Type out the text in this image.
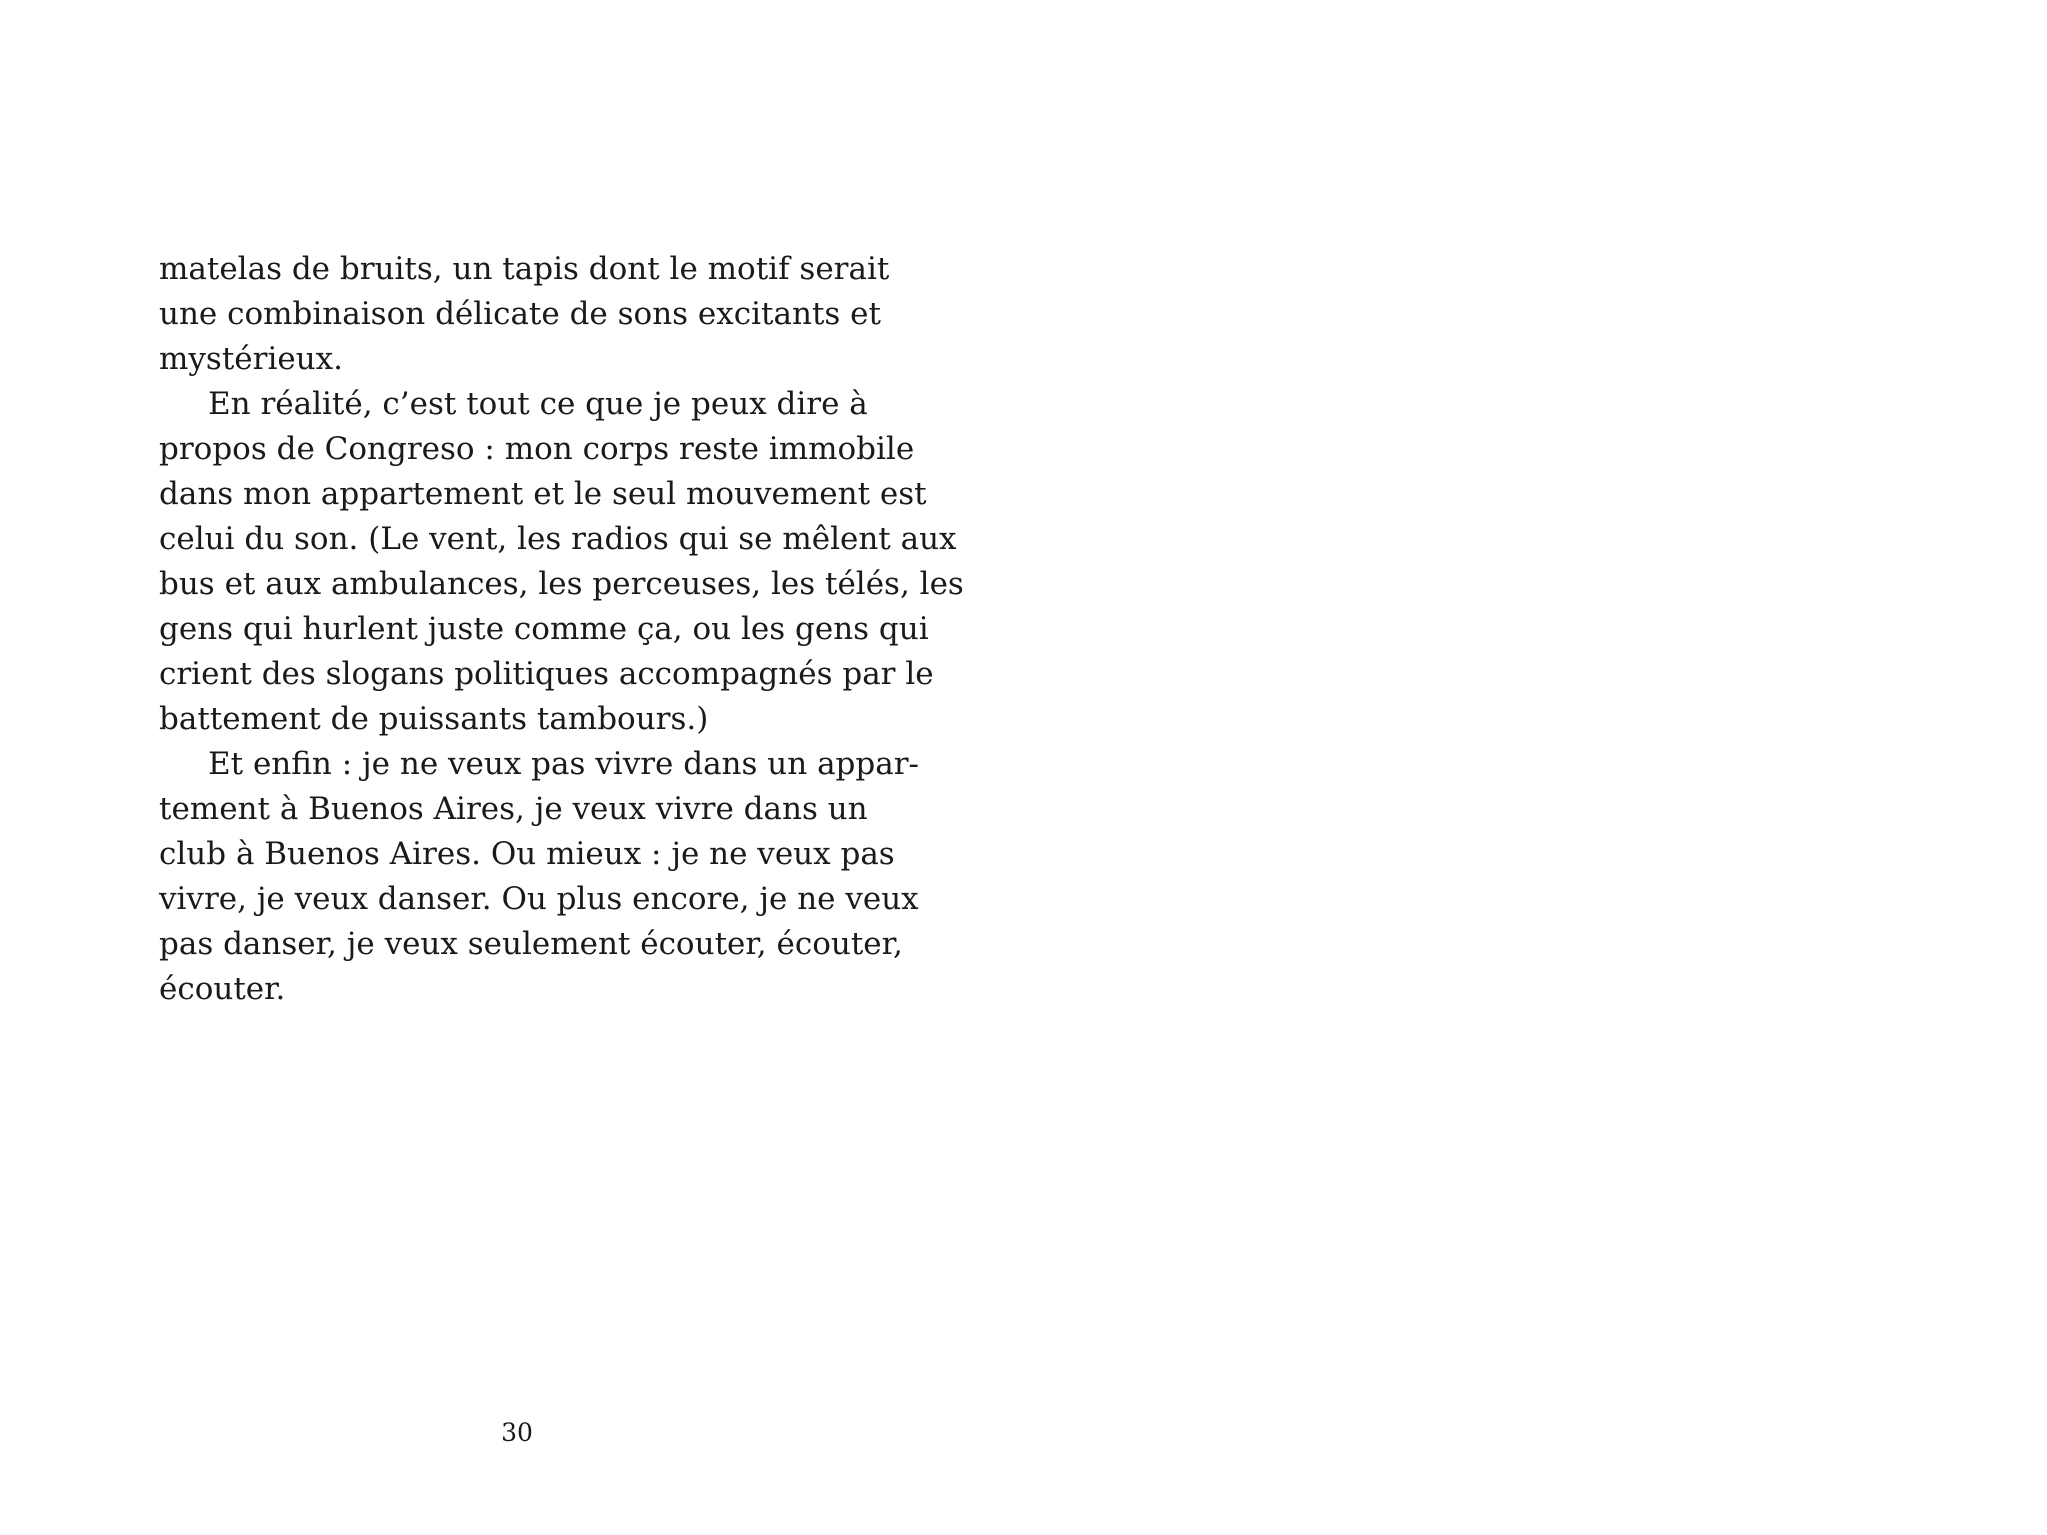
matelas de bruits, un tapis dont le motif serait
une combinaison délicate de sons excitants et
mystérieux.
En réalité, c’est tout ce que je peux dire à
propos de Congreso : mon corps reste immobile
dans mon appartement et le seul mouvement est
celui du son. (Le vent, les radios qui se mêlent aux
bus et aux ambulances, les perceuses, les télés, les
gens qui hurlent juste comme ça, ou les gens qui
crient des slogans politiques accompagnés par le
battement de puissants tambours.)
Et enfin : je ne veux pas vivre dans un appar-
tement à Buenos Aires, je veux vivre dans un
club à Buenos Aires. Ou mieux : je ne veux pas
vivre, je veux danser. Ou plus encore, je ne veux
pas danser, je veux seulement écouter, écouter,
écouter.
30
